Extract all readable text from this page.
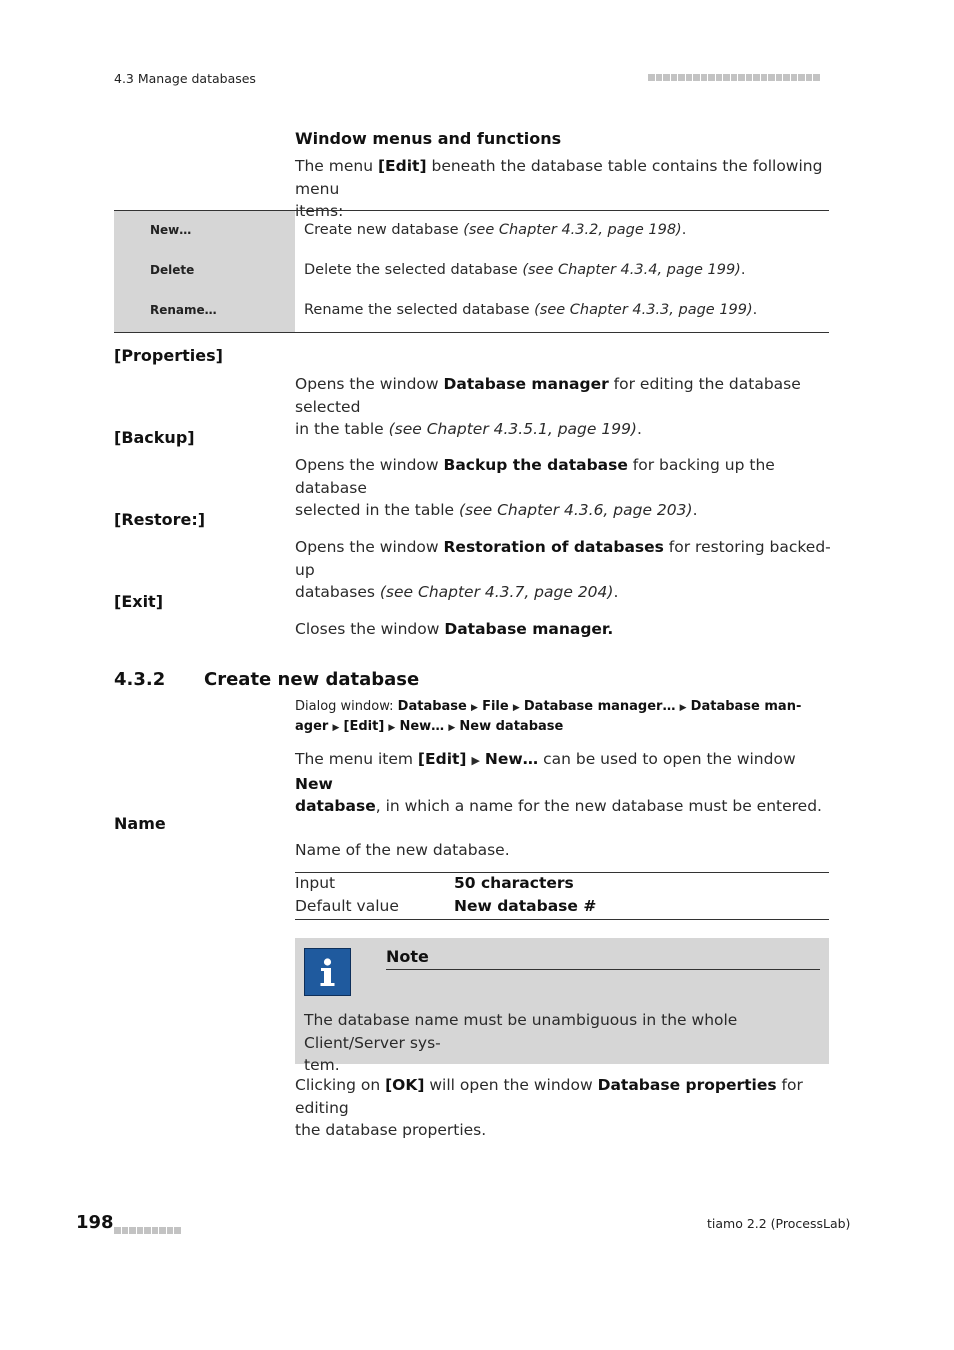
4.3 Manage databases
Window menus and functions
The menu [Edit] beneath the database table contains the following menu
items:
New…	Create new database (see Chapter 4.3.2, page 198).
Delete	Delete the selected database (see Chapter 4.3.4, page 199).
Rename…	Rename the selected database (see Chapter 4.3.3, page 199).
[Properties]
Opens the window Database manager for editing the database selected
in the table (see Chapter 4.3.5.1, page 199).
[Backup]
Opens the window Backup the database for backing up the database
selected in the table (see Chapter 4.3.6, page 203).
[Restore:]
Opens the window Restoration of databases for restoring backed-up
databases (see Chapter 4.3.7, page 204).
[Exit]
Closes the window Database manager.
4.3.2 Create new database
Dialog window: Database ▶ File ▶ Database manager… ▶ Database man-
ager ▶ [Edit] ▶ New… ▶ New database
The menu item [Edit] ▶ New… can be used to open the window New
database, in which a name for the new database must be entered.
Name
Name of the new database.
Input	50 characters
Default value	New database #
Note
The database name must be unambiguous in the whole Client/Server sys-
tem.
Clicking on [OK] will open the window Database properties for editing
the database properties.
198	tiamo 2.2 (ProcessLab)
